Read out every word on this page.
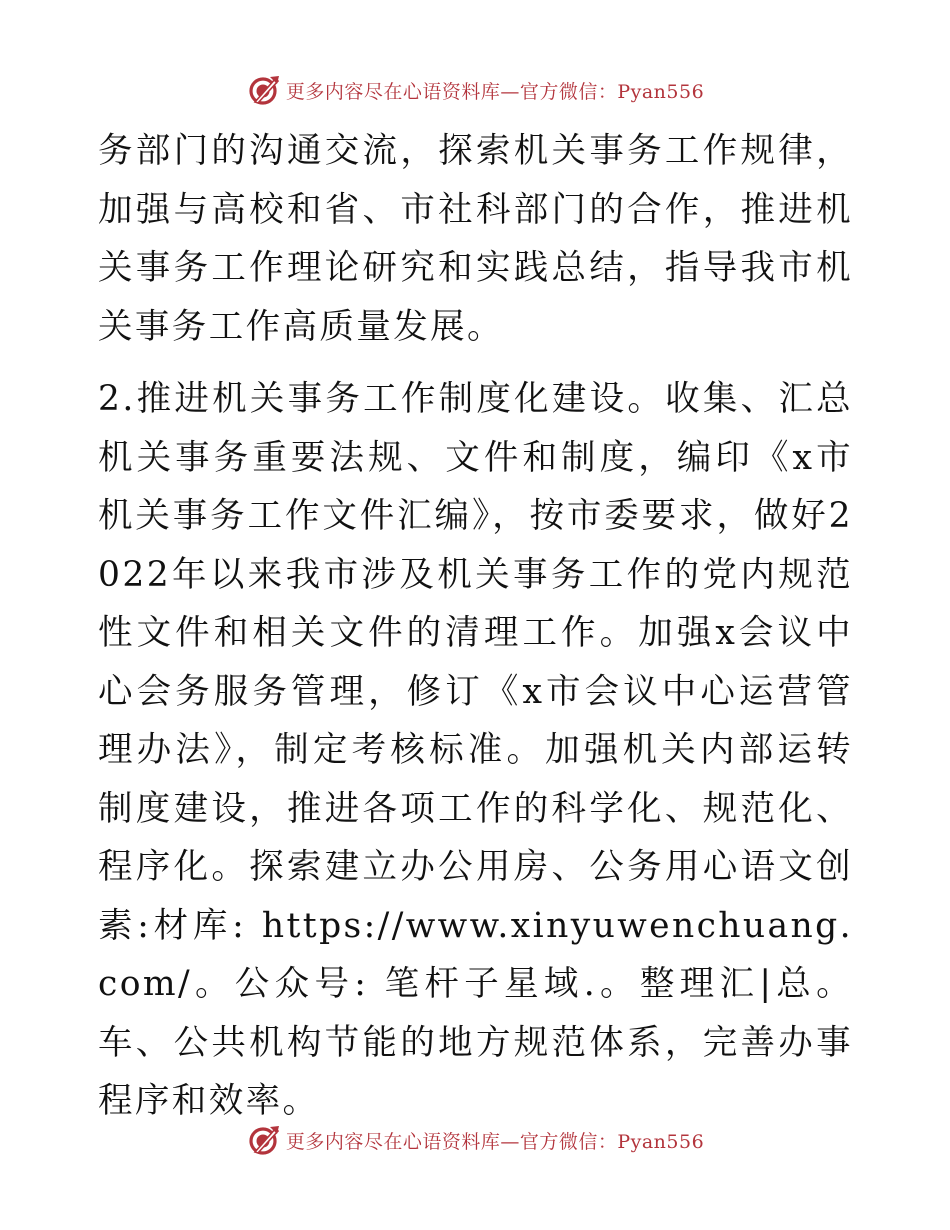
更多内容尽在心语资料库—官方微信：Pyan556

务部门的沟通交流，探索机关事务工作规律，加强与高校和省、市社科部门的合作，推进机关事务工作理论研究和实践总结，指导我市机关事务工作高质量发展。

2.推进机关事务工作制度化建设。收集、汇总机关事务重要法规、文件和制度，编印《x市机关事务工作文件汇编》，按市委要求，做好2022年以来我市涉及机关事务工作的党内规范性文件和相关文件的清理工作。加强x会议中心会务服务管理，修订《x市会议中心运营管理办法》，制定考核标准。加强机关内部运转制度建设，推进各项工作的科学化、规范化、程序化。探索建立办公用房、公务用心语文创素:材库: https://www.xinyuwenchuang.com/。公众号: 笔杆子星域.。整理汇|总。车、公共机构节能的地方规范体系，完善办事程序和效率。

更多内容尽在心语资料库—官方微信：Pyan556
